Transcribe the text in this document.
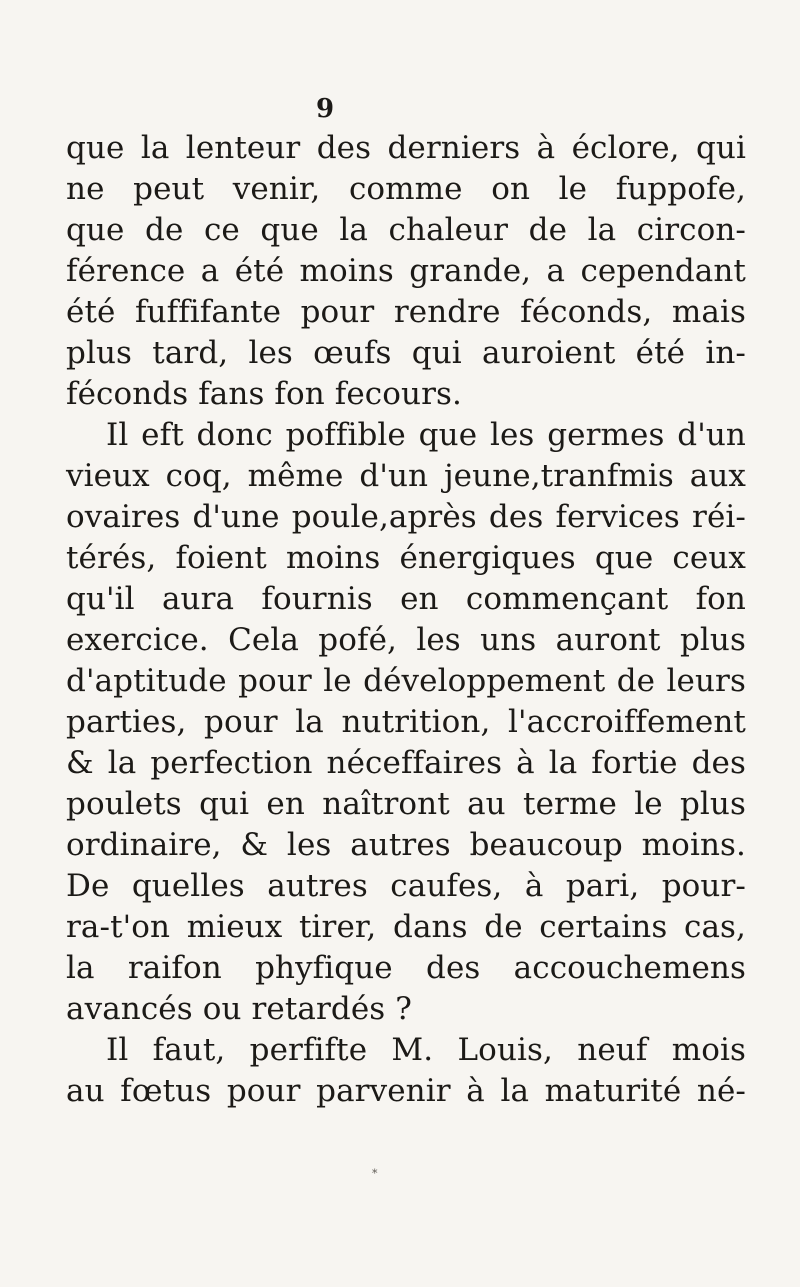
9
que la lenteur des derniers à éclore, qui
ne peut venir, comme on le fuppofe,
que de ce que la chaleur de la circon-
férence a été moins grande, a cependant
été fuffifante pour rendre féconds, mais
plus tard, les œufs qui auroient été in-
féconds fans fon fecours.
Il eft donc poffible que les germes d'un
vieux coq, même d'un jeune,tranfmis aux
ovaires d'une poule,après des fervices réi-
térés, foient moins énergiques que ceux
qu'il aura fournis en commençant fon
exercice. Cela pofé, les uns auront plus
d'aptitude pour le développement de leurs
parties, pour la nutrition, l'accroiffement
& la perfection néceffaires à la fortie des
poulets qui en naîtront au terme le plus
ordinaire, & les autres beaucoup moins.
De quelles autres caufes, à pari, pour-
ra-t'on mieux tirer, dans de certains cas,
la raifon phyfique des accouchemens
avancés ou retardés ?
Il faut, perfifte M. Louis, neuf mois
au fœtus pour parvenir à la maturité né-
*
